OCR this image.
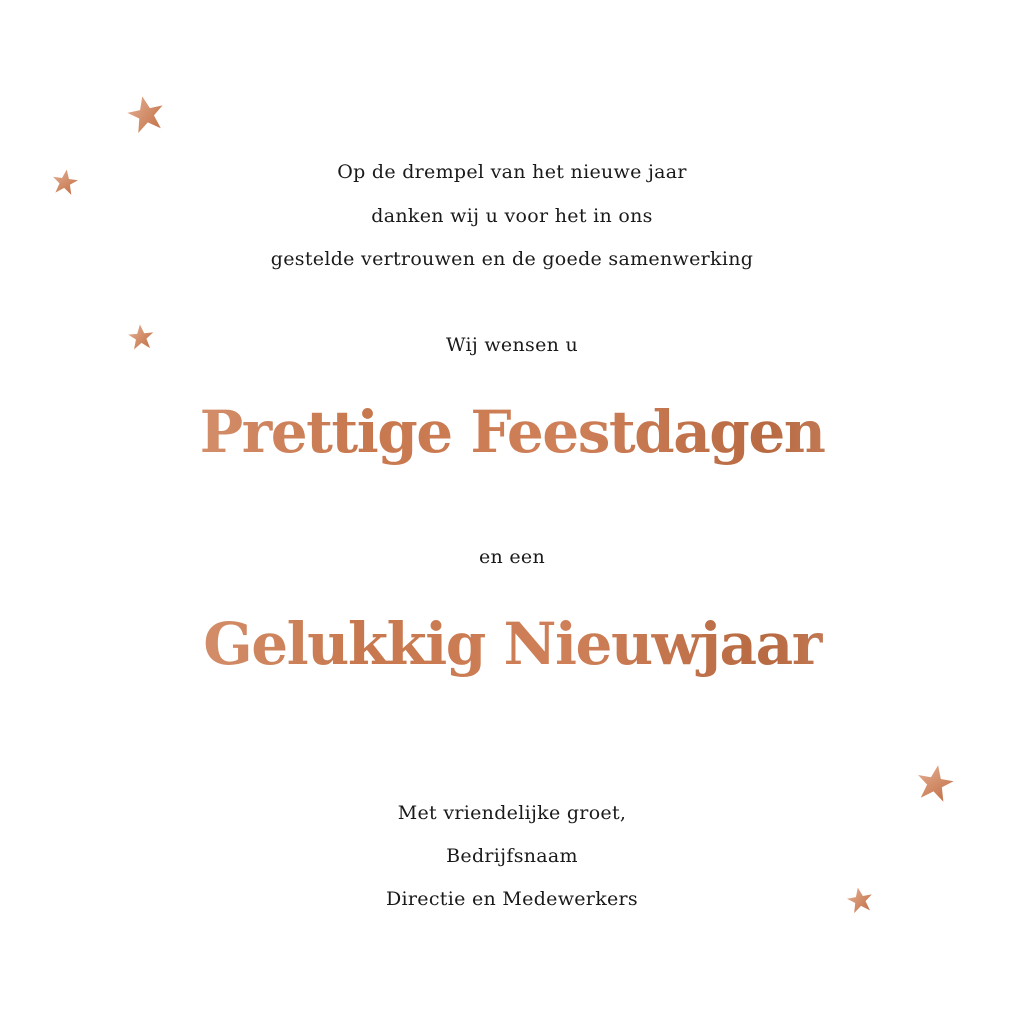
Op de drempel van het nieuwe jaar
danken wij u voor het in ons
gestelde vertrouwen en de goede samenwerking
Wij wensen u
Prettige Feestdagen
en een
Gelukkig Nieuwjaar
Met vriendelijke groet,
Bedrijfsnaam
Directie en Medewerkers
